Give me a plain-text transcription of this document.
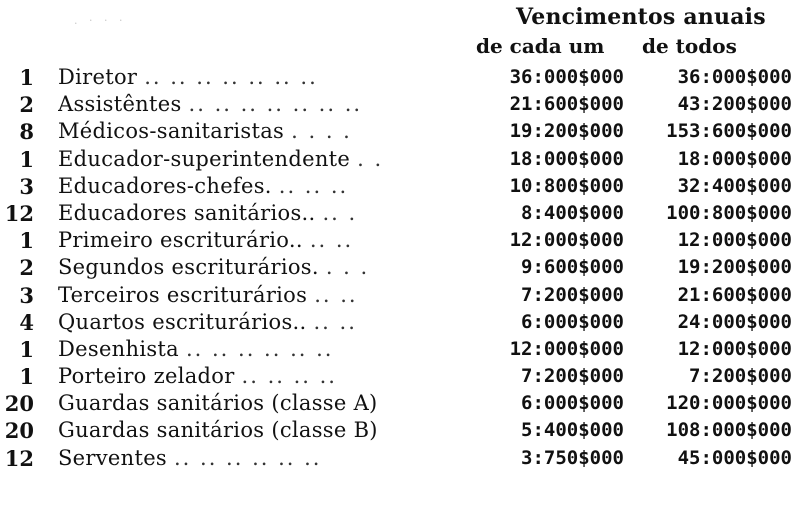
. · · ·	Vencimentos anuais
de cada um de todos
1 Diretor .. .. .. .. .. .. ..	36:000$000	36:000$000
2 Assistêntes .. .. .. .. .. .. ..	21:600$000	43:200$000
8 Médicos-sanitaristas . . . .	19:200$000	153:600$000
1 Educador-superintendente . .	18:000$000	18:000$000
3 Educadores-chefes. .. .. ..	10:800$000	32:400$000
12 Educadores sanitários.. .. .	8:400$000	100:800$000
1 Primeiro escriturário.. .. ..	12:000$000	12:000$000
2 Segundos escriturários. . . .	9:600$000	19:200$000
3 Terceiros escriturários .. ..	7:200$000	21:600$000
4 Quartos escriturários.. .. ..	6:000$000	24:000$000
1 Desenhista .. .. .. .. .. ..	12:000$000	12:000$000
1 Porteiro zelador .. .. .. ..	7:200$000	7:200$000
20 Guardas sanitários (classe A)	6:000$000	120:000$000
20 Guardas sanitários (classe B)	5:400$000	108:000$000
12 Serventes .. .. .. .. .. ..	3:750$000	45:000$000
